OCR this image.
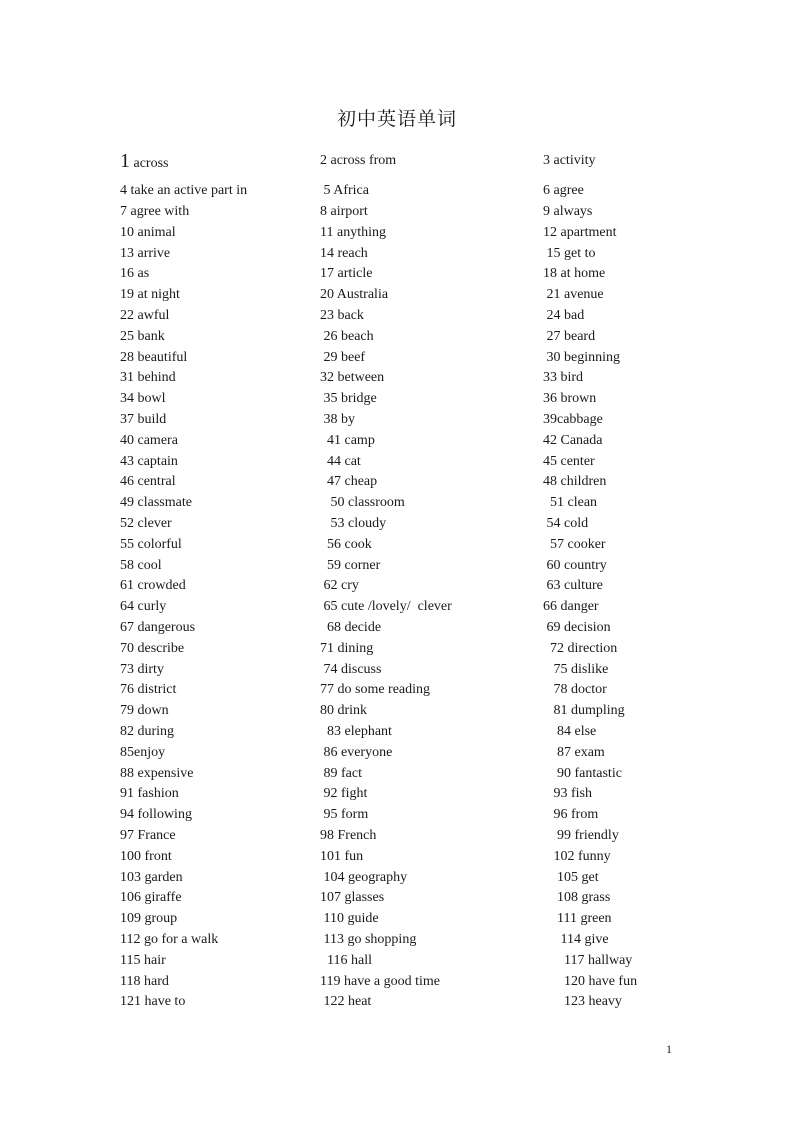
初中英语单词
1 across	2 across from	3 activity
4 take an active part in	5 Africa	6 agree
7 agree with	8 airport	9 always
10 animal	11 anything	12 apartment
13 arrive	14 reach	15 get to
16 as	17 article	18 at home
19 at night	20 Australia	21 avenue
22 awful	23 back	24 bad
25 bank	26 beach	27 beard
28 beautiful	29 beef	30 beginning
31 behind	32 between	33 bird
34 bowl	35 bridge	36 brown
37 build	38 by	39cabbage
40 camera	41 camp	42 Canada
43 captain	44 cat	45 center
46 central	47 cheap	48 children
49 classmate	50 classroom	51 clean
52 clever	53 cloudy	54 cold
55 colorful	56 cook	57 cooker
58 cool	59 corner	60 country
61 crowded	62 cry	63 culture
64 curly	65 cute /lovely/  clever	66 danger
67 dangerous	68 decide	69 decision
70 describe	71 dining	72 direction
73 dirty	74 discuss	75 dislike
76 district	77 do some reading	78 doctor
79 down	80 drink	81 dumpling
82 during	83 elephant	84 else
85enjoy	86 everyone	87 exam
88 expensive	89 fact	90 fantastic
91 fashion	92 fight	93 fish
94 following	95 form	96 from
97 France	98 French	99 friendly
100 front	101 fun	102 funny
103 garden	104 geography	105 get
106 giraffe	107 glasses	108 grass
109 group	110 guide	111 green
112 go for a walk	113 go shopping	114 give
115 hair	116 hall	117 hallway
118 hard	119 have a good time	120 have fun
121 have to	122 heat	123 heavy
1
